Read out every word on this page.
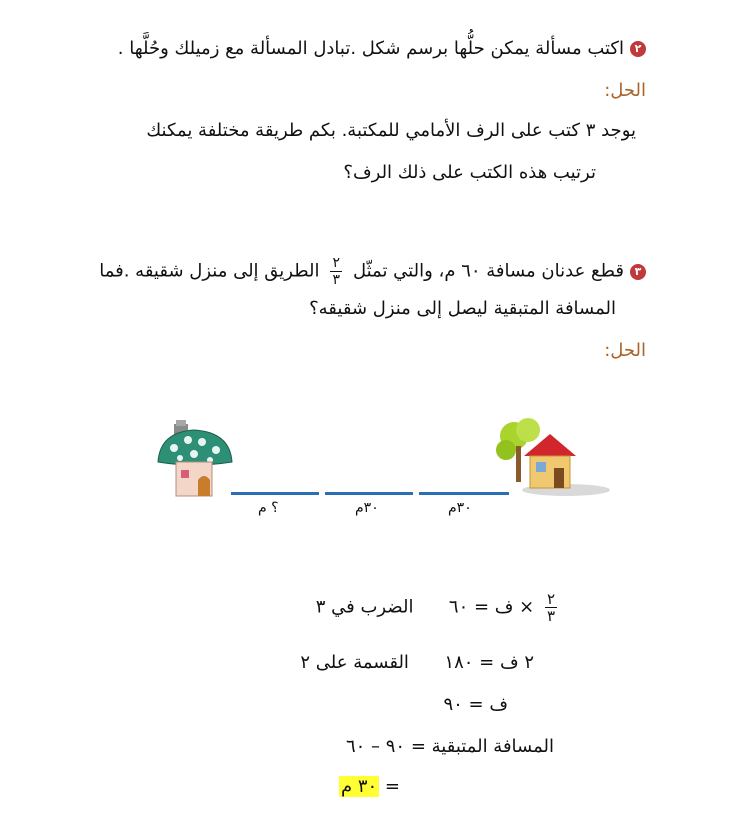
٢اكتب مسألة يمكن حلُّها برسم شكل .تبادل المسألة مع زميلك وحُلَّها .
الحل:
يوجد ٣ كتب على الرف الأمامي للمكتبة. بكم طريقة مختلفة يمكنك
ترتيب هذه الكتب على ذلك الرف؟
٣قطع عدنان مسافة ٦٠ م، والتي تمثّل
$\frac{٢}{٣}$
الطريق إلى منزل شقيقه .فما
المسافة المتبقية ليصل إلى منزل شقيقه؟
الحل:
٣٠م
٣٠م
؟ م
$\frac{٢}{٣}$
× ف = ٦٠  الضرب في ٣
٢ ف = ١٨٠  القسمة على ٢
ف = ٩٠
المسافة المتبقية = ٩٠ – ٦٠
= ٣٠ م
